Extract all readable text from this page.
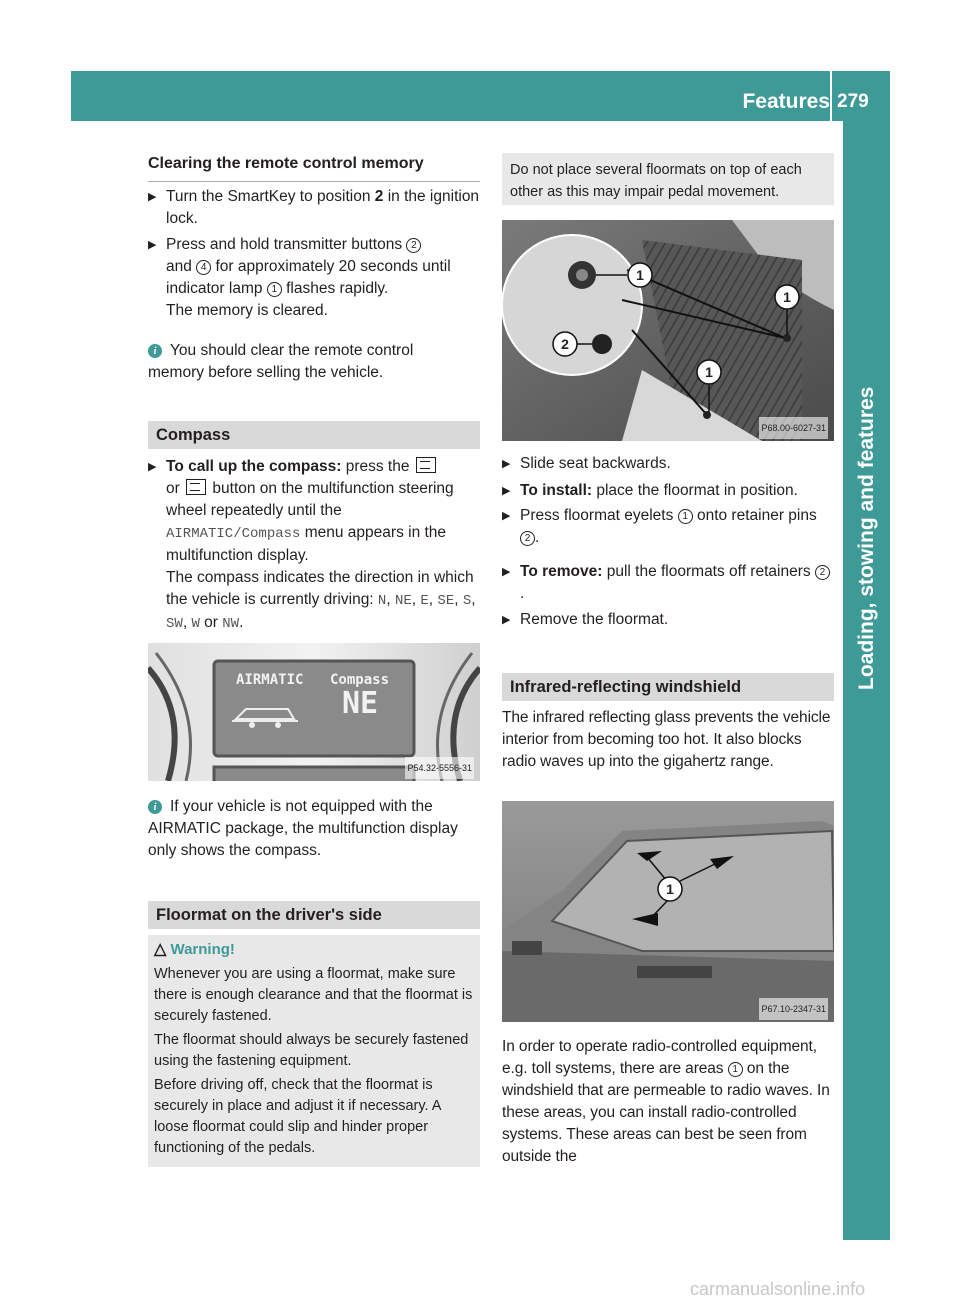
Features 279
Loading, stowing and features
Clearing the remote control memory
▶ Turn the SmartKey to position 2 in the ignition lock.
▶ Press and hold transmitter buttons 2
and 4 for approximately 20 seconds until
indicator lamp 1 flashes rapidly.
The memory is cleared.
i You should clear the remote control memory before selling the vehicle.
Compass
▶ To call up the compass: press the
or  button on the multifunction steering wheel repeatedly until the
AIRMATIC/Compass menu appears in the multifunction display.
The compass indicates the direction in which the vehicle is currently driving: N, NE, E, SE, S, SW, W or NW.
AIRMATIC Compass
NE
P54.32-5556-31
i If your vehicle is not equipped with the AIRMATIC package, the multifunction display only shows the compass.
Floormat on the driver's side
△ Warning!

Whenever you are using a floormat, make sure there is enough clearance and that the floormat is securely fastened.

The floormat should always be securely fastened using the fastening equipment.

Before driving off, check that the floormat is securely in place and adjust it if necessary. A loose floormat could slip and hinder proper functioning of the pedals.

Do not place several floormats on top of each other as this may impair pedal movement.
1
2
1
1
P68.00-6027-31
▶ Slide seat backwards.
▶ To install: place the floormat in position.
▶ Press floormat eyelets 1 onto retainer pins 2 .
▶ To remove: pull the floormats off retainers 2.
▶ Remove the floormat.
Infrared-reflecting windshield
The infrared reflecting glass prevents the vehicle interior from becoming too hot. It also blocks radio waves up into the gigahertz range.
1
P67.10-2347-31
In order to operate radio-controlled equipment, e.g. toll systems, there are areas 1 on the windshield that are permeable to radio waves. In these areas, you can install radio-controlled systems. These areas can best be seen from outside the
carmanualsonline.info
